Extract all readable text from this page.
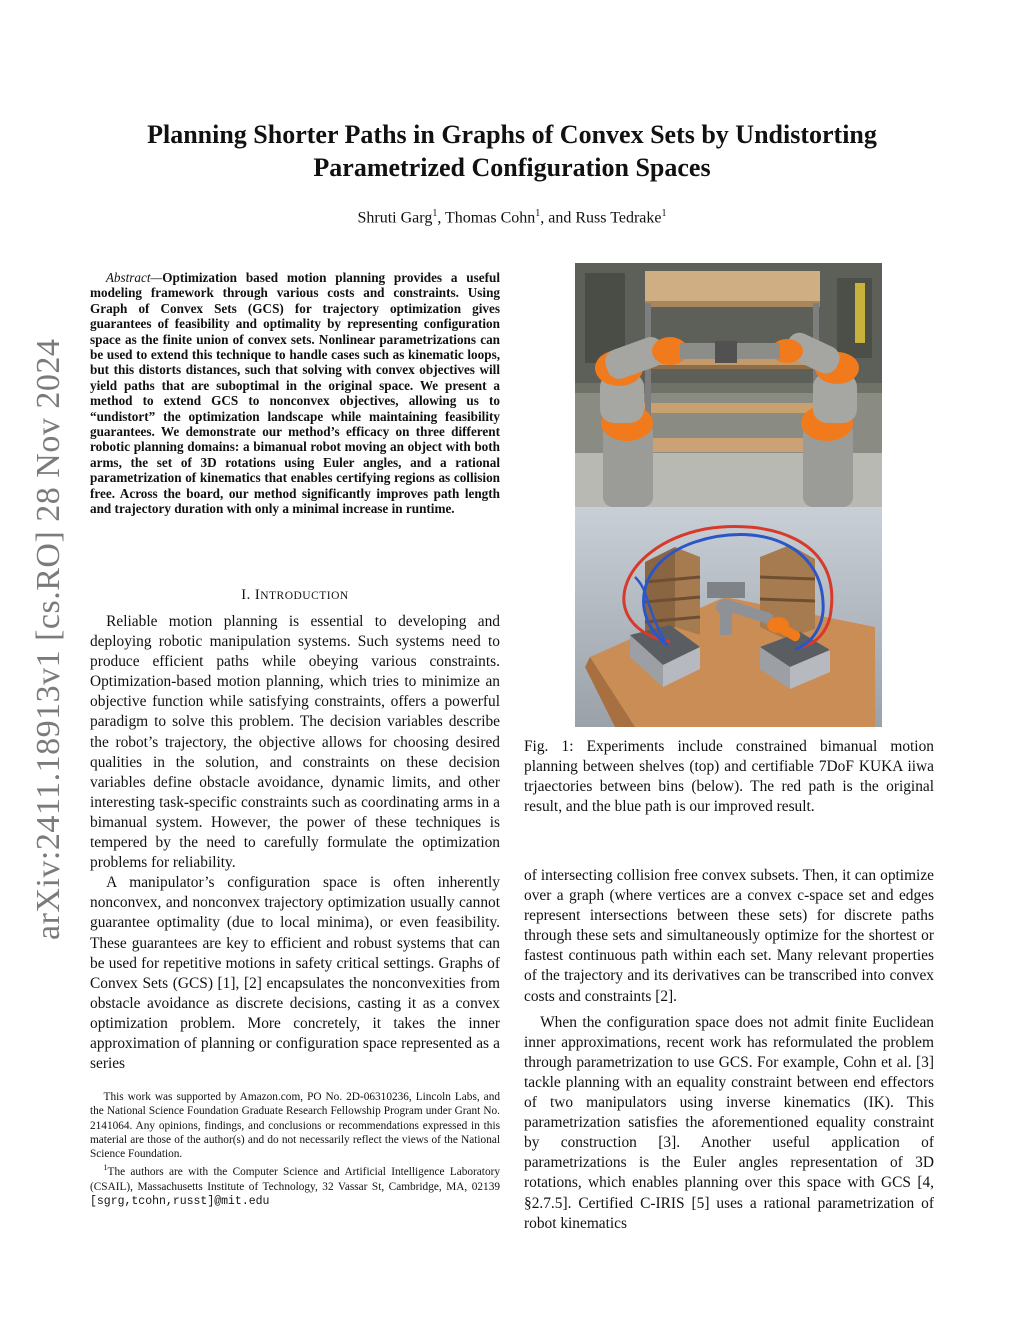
arXiv:2411.18913v1 [cs.RO] 28 Nov 2024
Planning Shorter Paths in Graphs of Convex Sets by Undistorting
Parametrized Configuration Spaces
Shruti Garg$^1$, Thomas Cohn$^1$, and Russ Tedrake$^1$
Abstract—Optimization based motion planning provides a useful modeling framework through various costs and constraints. Using Graph of Convex Sets (GCS) for trajectory optimization gives guarantees of feasibility and optimality by representing configuration space as the finite union of convex sets. Nonlinear parametrizations can be used to extend this technique to handle cases such as kinematic loops, but this distorts distances, such that solving with convex objectives will yield paths that are suboptimal in the original space. We present a method to extend GCS to nonconvex objectives, allowing us to “undistort” the optimization landscape while maintaining feasibility guarantees. We demonstrate our method’s efficacy on three different robotic planning domains: a bimanual robot moving an object with both arms, the set of 3D rotations using Euler angles, and a rational parametrization of kinematics that enables certifying regions as collision free. Across the board, our method significantly improves path length and trajectory duration with only a minimal increase in runtime.
I. INTRODUCTION

Reliable motion planning is essential to developing and deploying robotic manipulation systems. Such systems need to produce efficient paths while obeying various constraints. Optimization-based motion planning, which tries to minimize an objective function while satisfying constraints, offers a powerful paradigm to solve this problem. The decision variables describe the robot’s trajectory, the objective allows for choosing desired qualities in the solution, and constraints on these decision variables define obstacle avoidance, dynamic limits, and other interesting task-specific constraints such as coordinating arms in a bimanual system. However, the power of these techniques is tempered by the need to carefully formulate the optimization problems for reliability.

A manipulator’s configuration space is often inherently nonconvex, and nonconvex trajectory optimization usually cannot guarantee optimality (due to local minima), or even feasibility. These guarantees are key to efficient and robust systems that can be used for repetitive motions in safety critical settings. Graphs of Convex Sets (GCS) [1], [2] encapsulates the nonconvexities from obstacle avoidance as discrete decisions, casting it as a convex optimization problem. More concretely, it takes the inner approximation of planning or configuration space represented as a series

This work was supported by Amazon.com, PO No. 2D-06310236, Lincoln Labs, and the National Science Foundation Graduate Research Fellowship Program under Grant No. 2141064. Any opinions, findings, and conclusions or recommendations expressed in this material are those of the author(s) and do not necessarily reflect the views of the National Science Foundation.

$^1$The authors are with the Computer Science and Artificial Intelligence Laboratory (CSAIL), Massachusetts Institute of Technology, 32 Vassar St, Cambridge, MA, 02139 [sgrg,tcohn,russt]@mit.edu

Fig. 1: Experiments include constrained bimanual motion planning between shelves (top) and certifiable 7DoF KUKA iiwa trjaectories between bins (below). The red path is the original result, and the blue path is our improved result.

of intersecting collision free convex subsets. Then, it can optimize over a graph (where vertices are a convex c-space set and edges represent intersections between these sets) for discrete paths through these sets and simultaneously optimize for the shortest or fastest continuous path within each set. Many relevant properties of the trajectory and its derivatives can be transcribed into convex costs and constraints [2].

When the configuration space does not admit finite Euclidean inner approximations, recent work has reformulated the problem through parametrization to use GCS. For example, Cohn et al. [3] tackle planning with an equality constraint between end effectors of two manipulators using inverse kinematics (IK). This parametrization satisfies the aforementioned equality constraint by construction [3]. Another useful application of parametrizations is the Euler angles representation of 3D rotations, which enables planning over this space with GCS [4, §2.7.5]. Certified C-IRIS [5] uses a rational parametrization of robot kinematics
